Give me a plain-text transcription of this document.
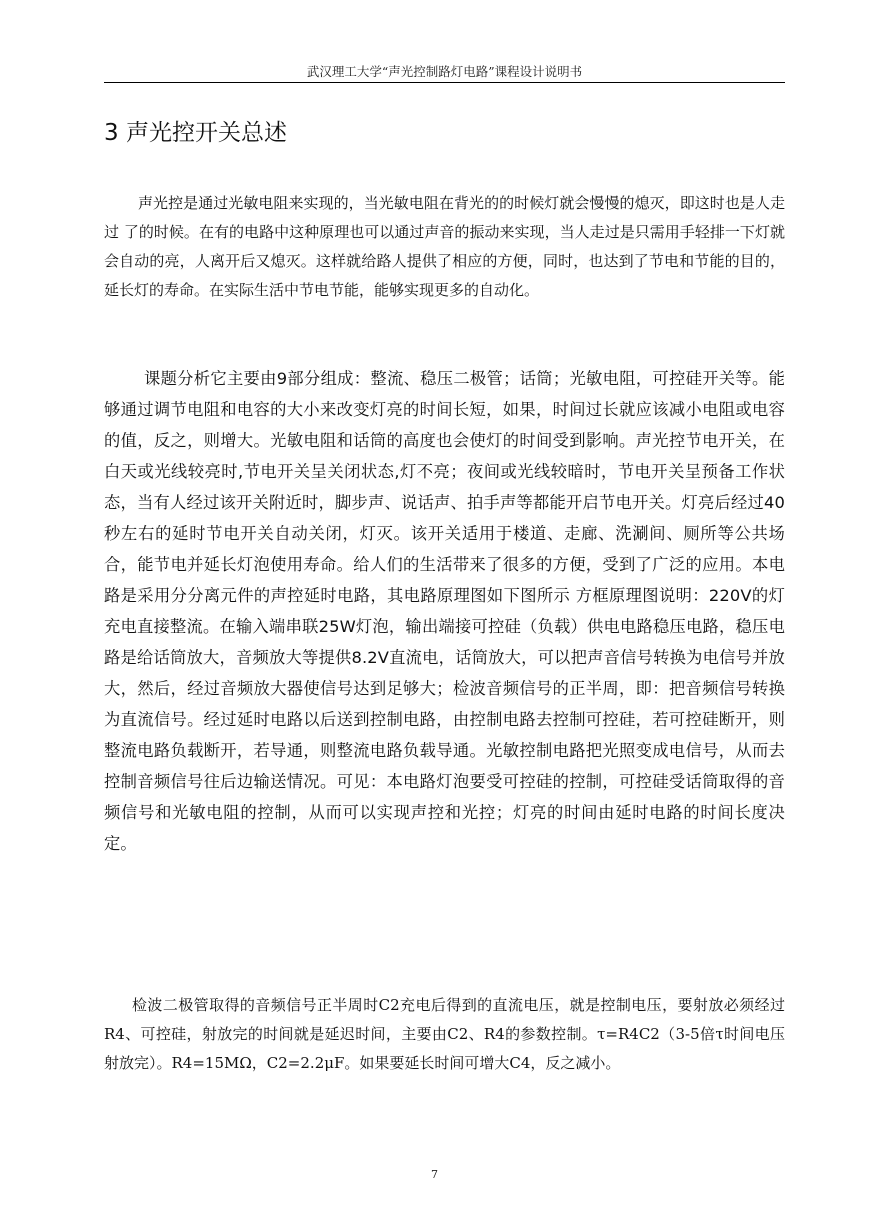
武汉理工大学“声光控制路灯电路”课程设计说明书
3 声光控开关总述

声光控是通过光敏电阻来实现的，当光敏电阻在背光的的时候灯就会慢慢的熄灭，即这时也是人走过 了的时候。在有的电路中这种原理也可以通过声音的振动来实现，当人走过是只需用手轻排一下灯就会自动的亮，人离开后又熄灭。这样就给路人提供了相应的方便，同时，也达到了节电和节能的目的，延长灯的寿命。在实际生活中节电节能，能够实现更多的自动化。

课题分析它主要由9部分组成：整流、稳压二极管；话筒；光敏电阻，可控硅开关等。能够通过调节电阻和电容的大小来改变灯亮的时间长短，如果，时间过长就应该减小电阻或电容的值，反之，则增大。光敏电阻和话筒的高度也会使灯的时间受到影响。声光控节电开关，在白天或光线较亮时,节电开关呈关闭状态,灯不亮；夜间或光线较暗时，节电开关呈预备工作状态，当有人经过该开关附近时，脚步声、说话声、拍手声等都能开启节电开关。灯亮后经过40秒左右的延时节电开关自动关闭，灯灭。该开关适用于楼道、走廊、洗涮间、厕所等公共场合，能节电并延长灯泡使用寿命。给人们的生活带来了很多的方便，受到了广泛的应用。本电路是采用分分离元件的声控延时电路，其电路原理图如下图所示 方框原理图说明：220V的灯充电直接整流。在输入端串联25W灯泡，输出端接可控硅（负载）供电电路稳压电路，稳压电路是给话筒放大，音频放大等提供8.2V直流电，话筒放大，可以把声音信号转换为电信号并放大，然后，经过音频放大器使信号达到足够大；检波音频信号的正半周，即：把音频信号转换为直流信号。经过延时电路以后送到控制电路，由控制电路去控制可控硅，若可控硅断开，则整流电路负载断开，若导通，则整流电路负载导通。光敏控制电路把光照变成电信号，从而去控制音频信号往后边输送情况。可见：本电路灯泡要受可控硅的控制，可控硅受话筒取得的音频信号和光敏电阻的控制，从而可以实现声控和光控；灯亮的时间由延时电路的时间长度决定。

检波二极管取得的音频信号正半周时C2充电后得到的直流电压，就是控制电压，要射放必须经过R4、可控硅，射放完的时间就是延迟时间，主要由C2、R4的参数控制。τ=R4C2（3-5倍τ时间电压射放完）。R4=15MΩ，C2=2.2μF。如果要延长时间可增大C4，反之减小。

7
